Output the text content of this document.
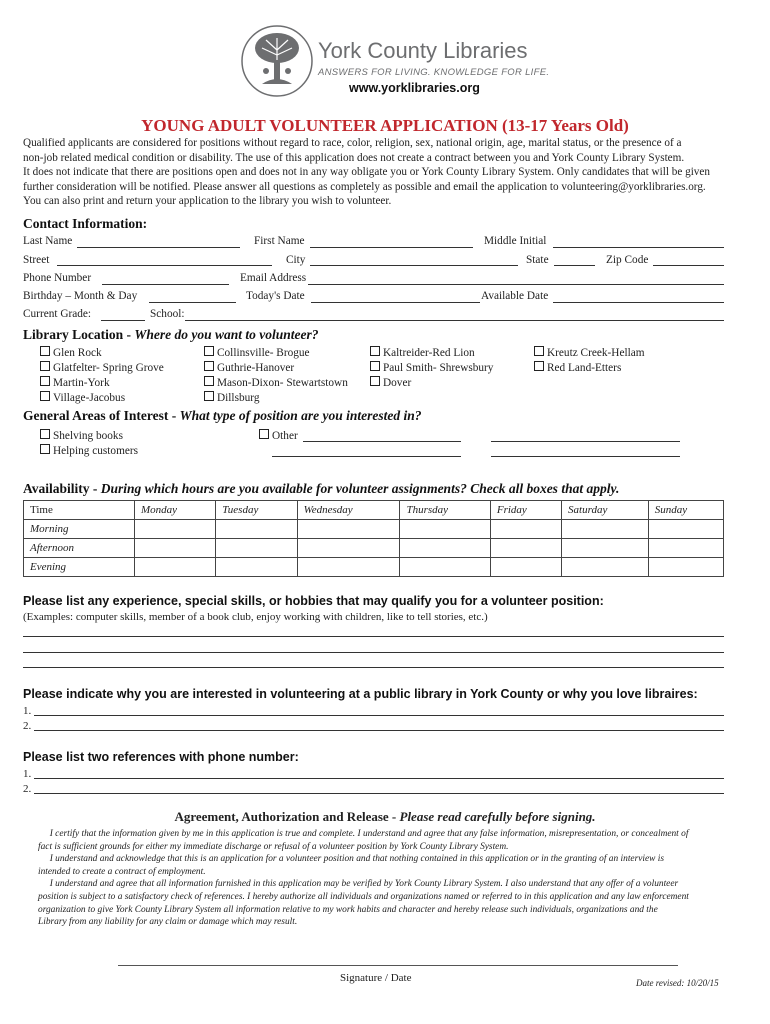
York County Libraries
ANSWERS FOR LIVING. KNOWLEDGE FOR LIFE.
www.yorklibraries.org
YOUNG ADULT VOLUNTEER APPLICATION (13-17 Years Old)
Qualified applicants are considered for positions without regard to race, color, religion, sex, national origin, age, marital status, or the presence of a
non-job related medical condition or disability. The use of this application does not create a contract between you and York County Library System.
It does not indicate that there are positions open and does not in any way obligate you or York County Library System. Only candidates that will be given
further consideration will be notified. Please answer all questions as completely as possible and email the application to volunteering@yorklibraries.org.
You can also print and return your application to the library you wish to volunteer.
Contact Information:
Last Name	First Name	Middle Initial
Street	City	State	Zip Code
Phone Number	Email Address
Birthday – Month & Day	Today's Date	Available Date
Current Grade:	School:
Library Location - Where do you want to volunteer?
Glen Rock
Glatfelter- Spring Grove
Martin-York
Village-Jacobus
Collinsville- Brogue
Guthrie-Hanover
Mason-Dixon- Stewartstown
Dillsburg
Kaltreider-Red Lion
Paul Smith- Shrewsbury
Dover
Kreutz Creek-Hellam
Red Land-Etters
General Areas of Interest - What type of position are you interested in?
Shelving books
Helping customers
Other
Availability - During which hours are you available for volunteer assignments? Check all boxes that apply.
Time	Monday	Tuesday	Wednesday	Thursday	Friday	Saturday	Sunday
Morning							
Afternoon							
Evening							
Please list any experience, special skills, or hobbies that may qualify you for a volunteer position:
(Examples: computer skills, member of a book club, enjoy working with children, like to tell stories, etc.)
Please indicate why you are interested in volunteering at a public library in York County or why you love libraires:
1.
2.
Please list two references with phone number:
1.
2.
Agreement, Authorization and Release - Please read carefully before signing.
I certify that the information given by me in this application is true and complete. I understand and agree that any false information, misrepresentation, or concealment of
fact is sufficient grounds for either my immediate discharge or refusal of a volunteer position by York County Library System.
I understand and acknowledge that this is an application for a volunteer position and that nothing contained in this application or in the granting of an interview is
intended to create a contract of employment.
I understand and agree that all information furnished in this application may be verified by York County Library System. I also understand that any offer of a volunteer
position is subject to a satisfactory check of references. I hereby authorize all individuals and organizations named or referred to in this application and any law enforcement
organization to give York County Library System all information relative to my work habits and character and hereby release such individuals, organizations and the
Library from any liability for any claim or damage which may result.
Signature / Date	Date revised: 10/20/15
